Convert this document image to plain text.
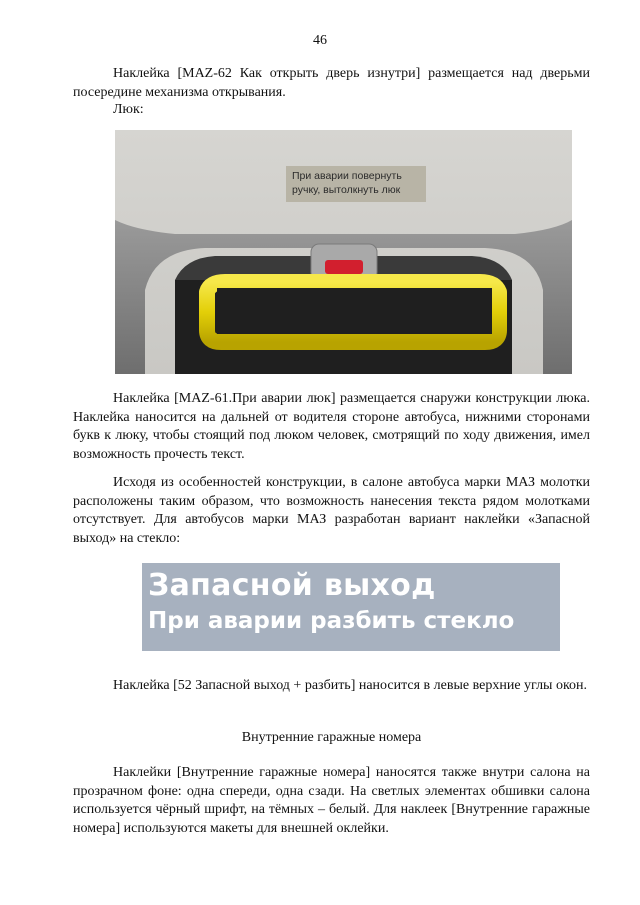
46

Наклейка [MAZ-62 Как открыть дверь изнутри] размещается над дверьми посередине механизма открывания.

Люк:

При аварии повернуть
ручку, вытолкнуть люк

Наклейка [MAZ-61.При аварии люк] размещается снаружи конструкции люка. Наклейка наносится на дальней от водителя стороне автобуса, нижними сторонами букв к люку, чтобы стоящий под люком человек, смотрящий по ходу движения, имел возможность прочесть текст.

Исходя из особенностей конструкции, в салоне автобуса марки МАЗ молотки расположены таким образом, что возможность нанесения текста рядом молотками отсутствует. Для автобусов марки МАЗ разработан вариант наклейки «Запасной выход» на стекло:

Запасной выход
При аварии разбить стекло

Наклейка [52 Запасной выход + разбить] наносится в левые верхние углы окон.

Внутренние гаражные номера

Наклейки [Внутренние гаражные номера] наносятся также внутри салона на прозрачном фоне: одна спереди, одна сзади. На светлых элементах обшивки салона используется чёрный шрифт, на тёмных – белый. Для наклеек [Внутренние гаражные номера] используются макеты для внешней оклейки.
